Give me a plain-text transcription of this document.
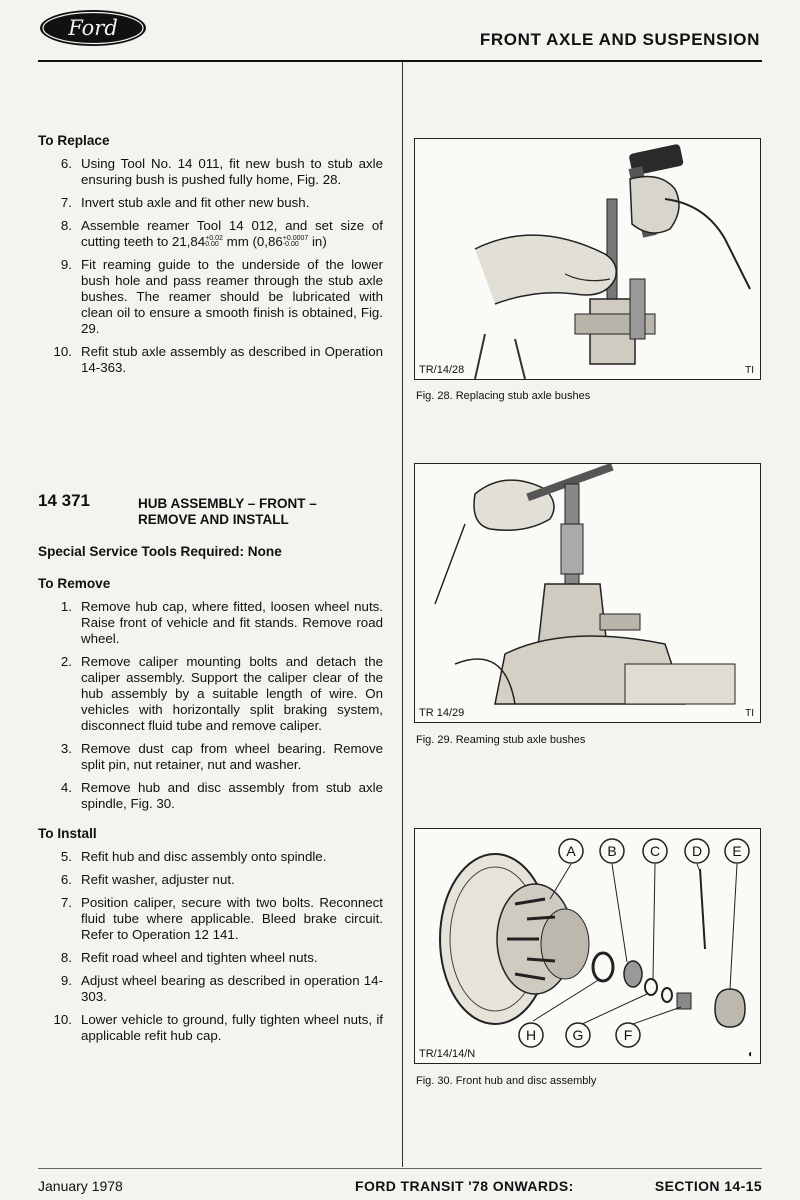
Ford	FRONT AXLE AND SUSPENSION
To Replace
6. Using Tool No. 14 011, fit new bush to stub axle ensuring bush is pushed fully home, Fig. 28.
7. Invert stub axle and fit other new bush.
8. Assemble reamer Tool 14 012, and set size of cutting teeth to 21,84+0.02
0.00 mm (0,86+0.0007
-0.00 in)
9. Fit reaming guide to the underside of the lower bush hole and pass reamer through the stub axle bushes. The reamer should be lubricated with clean oil to ensure a smooth finish is obtained, Fig. 29.
10. Refit stub axle assembly as described in Operation 14-363.
14 371	HUB ASSEMBLY – FRONT –
REMOVE AND INSTALL
Special Service Tools Required: None
To Remove
1. Remove hub cap, where fitted, loosen wheel nuts. Raise front of vehicle and fit stands. Remove road wheel.
2. Remove caliper mounting bolts and detach the caliper assembly. Support the caliper clear of the hub assembly by a suitable length of wire. On vehicles with horizontally split braking system, disconnect fluid tube and remove caliper.
3. Remove dust cap from wheel bearing. Remove split pin, nut retainer, nut and washer.
4. Remove hub and disc assembly from stub axle spindle, Fig. 30.
To Install
5. Refit hub and disc assembly onto spindle.
6. Refit washer, adjuster nut.
7. Position caliper, secure with two bolts. Reconnect fluid tube where applicable. Bleed brake circuit. Refer to Operation 12 141.
8. Refit road wheel and tighten wheel nuts.
9. Adjust wheel bearing as described in operation 14-303.
10. Lower vehicle to ground, fully tighten wheel nuts, if applicable refit hub cap.
TR/14/28	TI
Fig. 28. Replacing stub axle bushes
TR 14/29	TI
Fig. 29. Reaming stub axle bushes
A B C D E
H	G	F
TR/14/14/N	◐
Fig. 30. Front hub and disc assembly
January 1978	FORD TRANSIT '78 ONWARDS:	SECTION 14-15
